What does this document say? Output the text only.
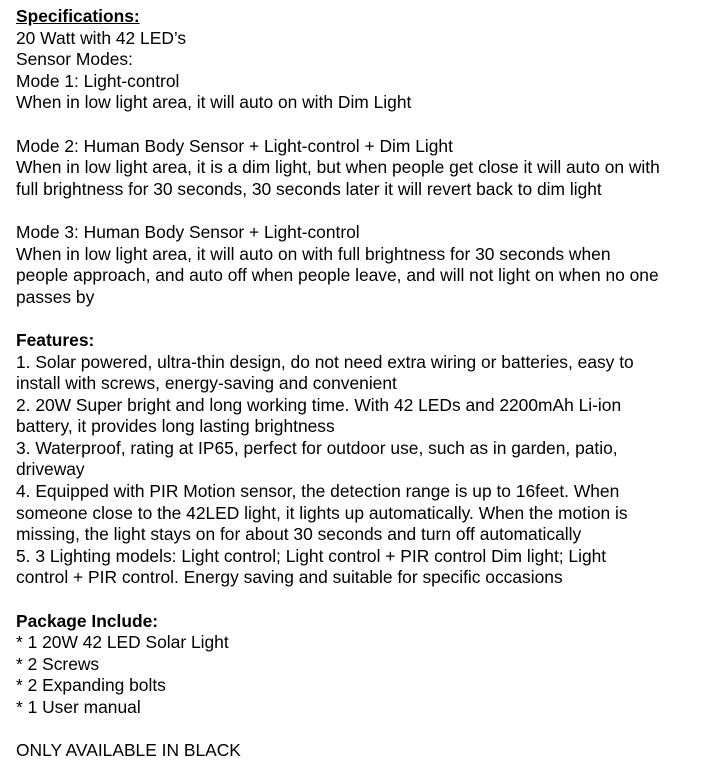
Specifications:
20 Watt with 42 LED’s
Sensor Modes:
Mode 1: Light-control
When in low light area, it will auto on with Dim Light
Mode 2: Human Body Sensor + Light-control + Dim Light
When in low light area, it is a dim light, but when people get close it will auto on with
full brightness for 30 seconds, 30 seconds later it will revert back to dim light
Mode 3: Human Body Sensor + Light-control
When in low light area, it will auto on with full brightness for 30 seconds when
people approach, and auto off when people leave, and will not light on when no one
passes by
Features:
1. Solar powered, ultra-thin design, do not need extra wiring or batteries, easy to
install with screws, energy-saving and convenient
2. 20W Super bright and long working time. With 42 LEDs and 2200mAh Li-ion
battery, it provides long lasting brightness
3. Waterproof, rating at IP65, perfect for outdoor use, such as in garden, patio,
driveway
4. Equipped with PIR Motion sensor, the detection range is up to 16feet. When
someone close to the 42LED light, it lights up automatically. When the motion is
missing, the light stays on for about 30 seconds and turn off automatically
5. 3 Lighting models: Light control; Light control + PIR control Dim light; Light
control + PIR control. Energy saving and suitable for specific occasions
Package Include:
* 1 20W 42 LED Solar Light
* 2 Screws
* 2 Expanding bolts
* 1 User manual
ONLY AVAILABLE IN BLACK
